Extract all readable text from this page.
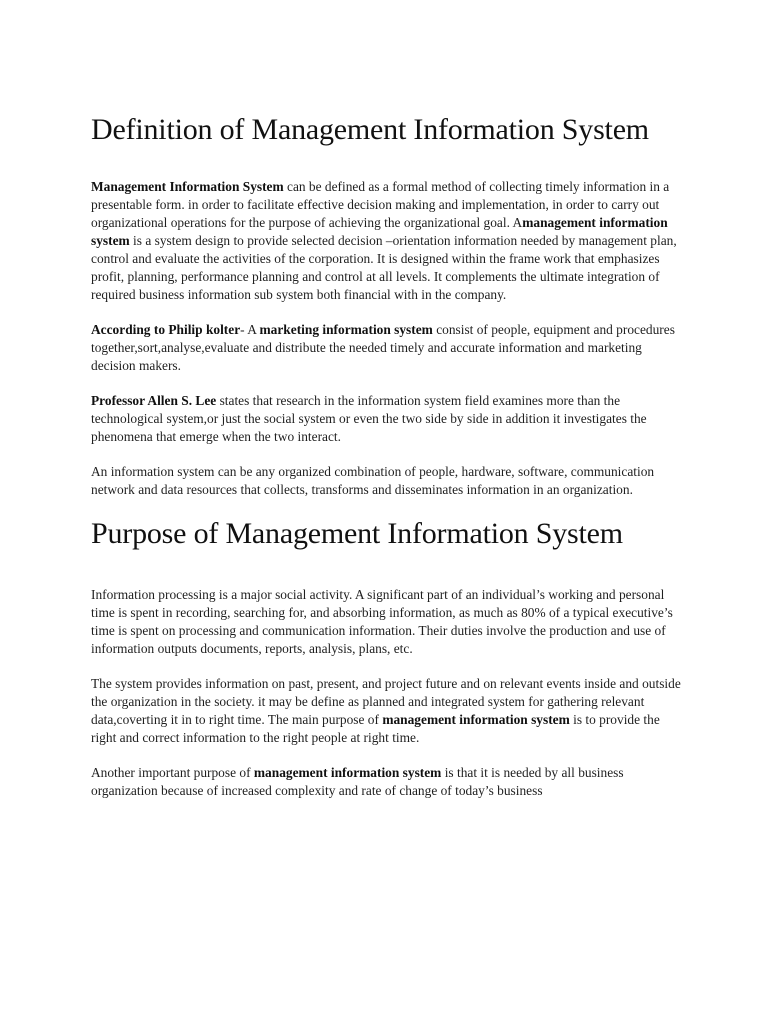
Definition of Management Information System

Management Information System can be defined as a formal method of collecting timely information in a presentable form. in order to facilitate effective decision making and implementation, in order to carry out organizational operations for the purpose of achieving the organizational goal. Amanagement information system is a system design to provide selected decision –orientation information needed by management plan, control and evaluate the activities of the corporation. It is designed within the frame work that emphasizes profit, planning, performance planning and control at all levels. It complements the ultimate integration of required business information sub system both financial with in the company.

According to Philip kolter- A marketing information system consist of people, equipment and procedures together,sort,analyse,evaluate and distribute the needed timely and accurate information and marketing decision makers.

Professor Allen S. Lee states that research in the information system field examines more than the technological system,or just the social system or even the two side by side in addition it investigates the phenomena that emerge when the two interact.

An information system can be any organized combination of people, hardware, software, communication network and data resources that collects, transforms and disseminates information in an organization.

Purpose of Management Information System

Information processing is a major social activity. A significant part of an individual’s working and personal time is spent in recording, searching for, and absorbing information, as much as 80% of a typical executive’s time is spent on processing and communication information. Their duties involve the production and use of information outputs documents, reports, analysis, plans, etc.

The system provides information on past, present, and project future and on relevant events inside and outside the organization in the society. it may be define as planned and integrated system for gathering relevant data,coverting it in to right time. The main purpose of management information system is to provide the right and correct information to the right people at right time.

Another important purpose of management information system is that it is needed by all business organization because of increased complexity and rate of change of today’s business
